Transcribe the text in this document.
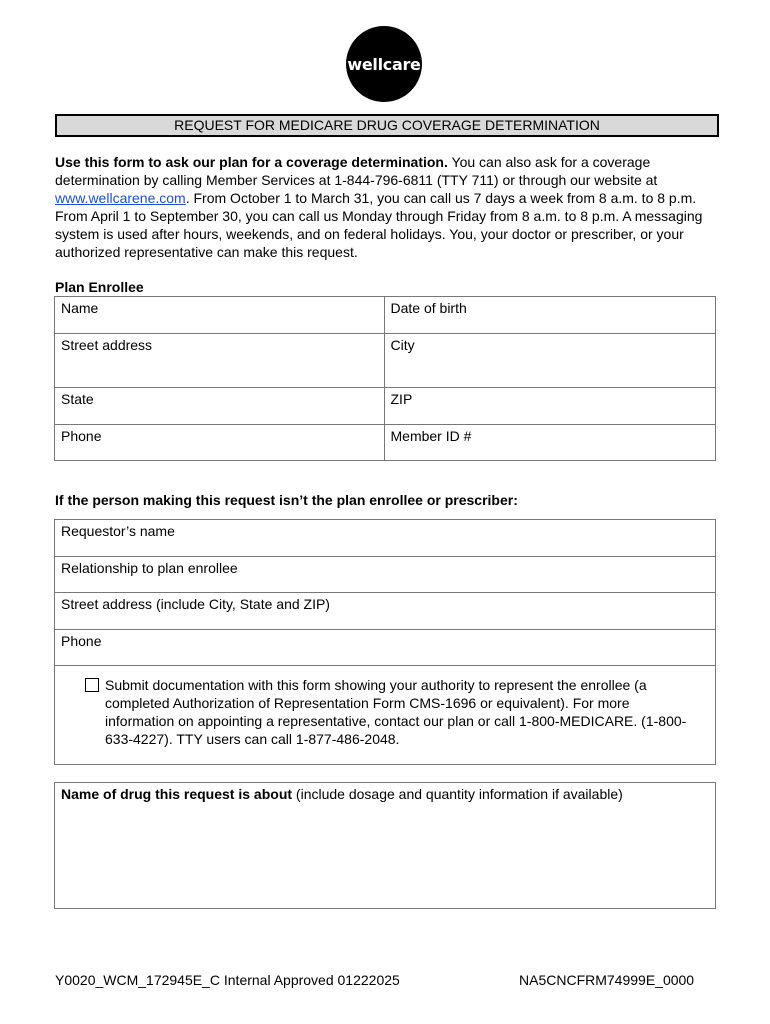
wellcare
REQUEST FOR MEDICARE DRUG COVERAGE DETERMINATION
Use this form to ask our plan for a coverage determination. You can also ask for a coverage determination by calling Member Services at 1-844-796-6811 (TTY 711) or through our website at www.wellcarene.com. From October 1 to March 31, you can call us 7 days a week from 8 a.m. to 8 p.m. From April 1 to September 30, you can call us Monday through Friday from 8 a.m. to 8 p.m. A messaging system is used after hours, weekends, and on federal holidays. You, your doctor or prescriber, or your authorized representative can make this request.
Plan Enrollee
Name	Date of birth
Street address	City
State	ZIP
Phone	Member ID #
If the person making this request isn’t the plan enrollee or prescriber:
Requestor’s name
Relationship to plan enrollee
Street address (include City, State and ZIP)
Phone
Submit documentation with this form showing your authority to represent the enrollee (a completed Authorization of Representation Form CMS-1696 or equivalent). For more information on appointing a representative, contact our plan or call 1-800-MEDICARE. (1-800-633-4227). TTY users can call 1-877-486-2048.
Name of drug this request is about (include dosage and quantity information if available)
Y0020_WCM_172945E_C Internal Approved 01222025	NA5CNCFRM74999E_0000
